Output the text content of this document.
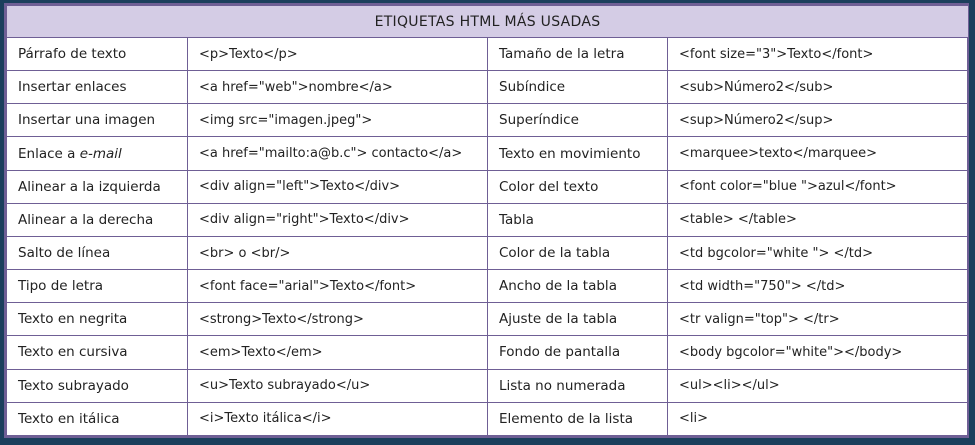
ETIQUETAS HTML MÁS USADAS			
Párrafo de texto	<p>Texto</p>	Tamaño de la letra	<font size="3">Texto</font>
Insertar enlaces	<a href="web">nombre</a>	Subíndice	<sub>Número2</sub>
Insertar una imagen	<img src="imagen.jpeg">	Superíndice	<sup>Número2</sup>
Enlace a e-mail	<a href="mailto:a@b.c"> contacto</a>	Texto en movimiento	<marquee>texto</marquee>
Alinear a la izquierda	<div align="left">Texto</div>	Color del texto	<font color="blue ">azul</font>
Alinear a la derecha	<div align="right">Texto</div>	Tabla	<table> </table>
Salto de línea	<br> o <br/>	Color de la tabla	<td bgcolor="white "> </td>
Tipo de letra	<font face="arial">Texto</font>	Ancho de la tabla	<td width="750"> </td>
Texto en negrita	<strong>Texto</strong>	Ajuste de la tabla	<tr valign="top"> </tr>
Texto en cursiva	<em>Texto</em>	Fondo de pantalla	<body bgcolor="white"></body>
Texto subrayado	<u>Texto subrayado</u>	Lista no numerada	<ul><li></ul>
Texto en itálica	<i>Texto itálica</i>	Elemento de la lista	<li>
